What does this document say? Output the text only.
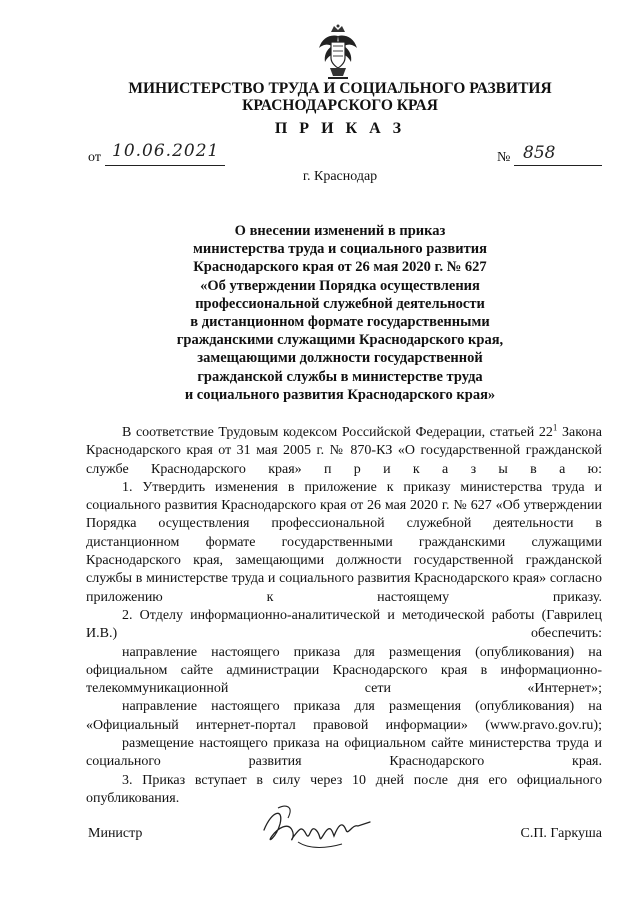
МИНИСТЕРСТВО ТРУДА И СОЦИАЛЬНОГО РАЗВИТИЯ
КРАСНОДАРСКОГО КРАЯ
П Р И К А З
от 10.06.2021	№ 858
г. Краснодар
О внесении изменений в приказ
министерства труда и социального развития
Краснодарского края от 26 мая 2020 г. № 627
«Об утверждении Порядка осуществления
профессиональной служебной деятельности
в дистанционном формате государственными
гражданскими служащими Краснодарского края,
замещающими должности государственной
гражданской службы в министерстве труда
и социального развития Краснодарского края»

В соответствие Трудовым кодексом Российской Федерации, статьей $22^1$ Закона Краснодарского края от 31 мая 2005 г. № 870-КЗ «О государственной гражданской службе Краснодарского края» п р и к а з ы в а ю:

1. Утвердить изменения в приложение к приказу министерства труда и социального развития Краснодарского края от 26 мая 2020 г. № 627 «Об утверждении Порядка осуществления профессиональной служебной деятельности в дистанционном формате государственными гражданскими служащими Краснодарского края, замещающими должности государственной гражданской службы в министерстве труда и социального развития Краснодарского края» согласно приложению к настоящему приказу.

2. Отделу информационно-аналитической и методической работы (Гаврилец И.В.) обеспечить:

направление настоящего приказа для размещения (опубликования) на официальном сайте администрации Краснодарского края в информационно-телекоммуникационной сети «Интернет»;

направление настоящего приказа для размещения (опубликования) на «Официальный интернет-портал правовой информации» (www.pravo.gov.ru);

размещение настоящего приказа на официальном сайте министерства труда и социального развития Краснодарского края.

3. Приказ вступает в силу через 10 дней после дня его официального опубликования.

Министр	С.П. Гаркуша
